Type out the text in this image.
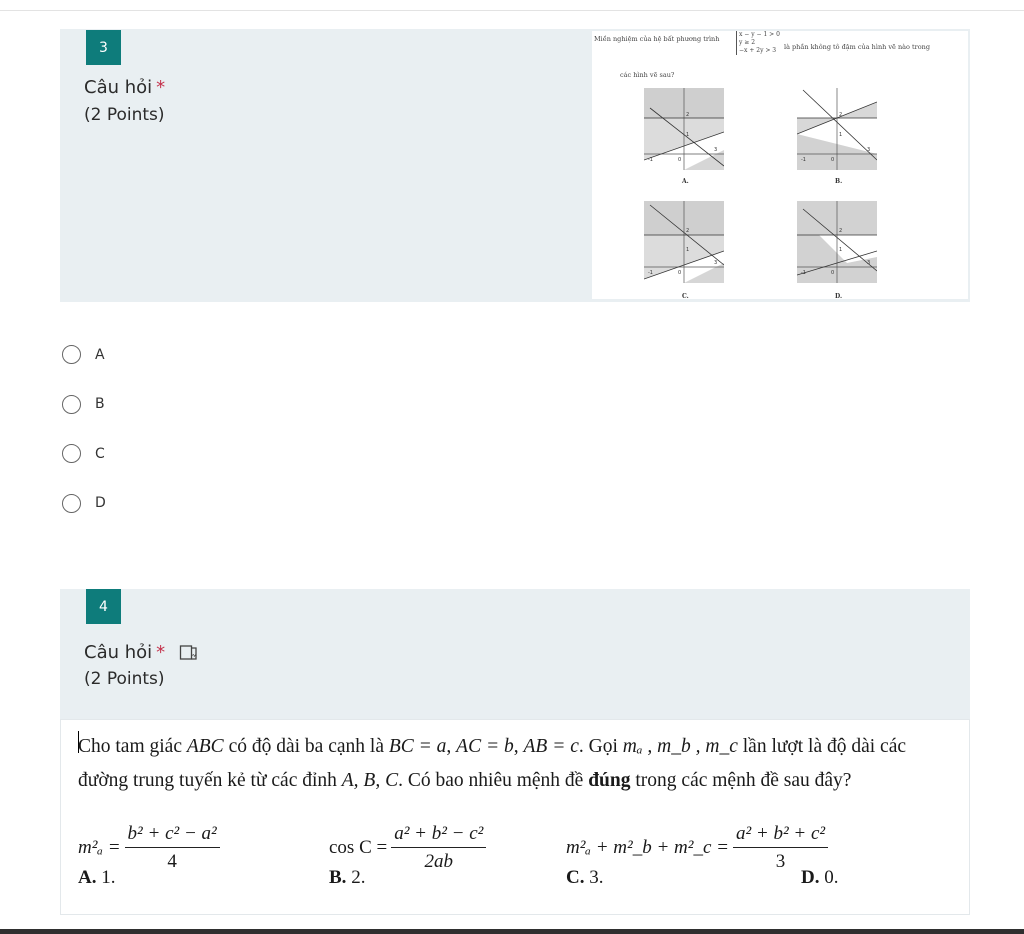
3
Câu hỏi *
(2 Points)
Miền nghiệm của hệ bất phương trình
x − y − 1 > 0
y ≥ 2
−x + 2y > 3	là phần không tô đậm của hình vẽ nào trong
các hình vẽ sau?
2
1
-1	0
3
A.
2
1
-1	0
3
B.
2
1
-1	0
3
C.
2
1
-1	0
3
D.
A
B
C
D
4
Câu hỏi *
(2 Points)
Cho tam giác ABC có độ dài ba cạnh là BC = a, AC = b, AB = c. Gọi mₐ , m_b , m_c lần lượt là độ dài các đường trung tuyến kẻ từ các đỉnh A, B, C. Có bao nhiêu mệnh đề đúng trong các mệnh đề sau đây?
$m^2_a = \frac{\text{b² + c² − a²}}{4}$	$\cos C = \frac{\text{a² + b² − c²}}{2ab}$	m²ₐ + m²_b + m²_c = $\frac{\text{a² + b² + c²}}{3}$
A. 1.	B. 2.	C. 3.	D. 0.
